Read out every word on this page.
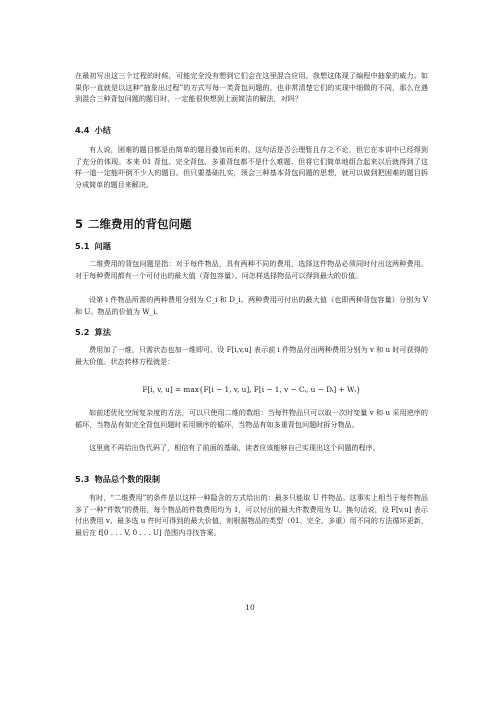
在最初写出这三个过程的时候，可能完全没有想到它们会在这里混合应用。我想这体现了编程中抽象的威力。如果你一直就是以这种“抽象出过程”的方式写每一类背包问题的，也非常清楚它们的实现中细微的不同，那么在遇到混合三种背包问题的题目时，一定能很快想到上面简洁的解法，对吗？

4.4 小结

有人说，困难的题目都是由简单的题目叠加而来的。这句话是否公理暂且存之不论，但它在本讲中已经得到了充分的体现。本来 01 背包、完全背包、多重背包都不是什么难题，但将它们简单地组合起来以后就得到了这样一道一定能吓倒不少人的题目。但只要基础扎实，领会三种基本背包问题的思想，就可以做到把困难的题目拆分成简单的题目来解决。

5 二维费用的背包问题

5.1 问题

二维费用的背包问题是指：对于每件物品，具有两种不同的费用，选择这件物品必须同时付出这两种费用。对于每种费用都有一个可付出的最大值（背包容量）。问怎样选择物品可以得到最大的价值。

设第 i 件物品所需的两种费用分别为 C_i 和 D_i。两种费用可付出的最大值（也即两种背包容量）分别为 V 和 U。物品的价值为 W_i。

5.2 算法

费用加了一维，只需状态也加一维即可。设 F[i,v,u] 表示前 i 件物品付出两种费用分别为 v 和 u 时可获得的最大价值。状态转移方程就是：

F[i, v, u] = max{F[i − 1, v, u], F[i − 1, v − Cᵢ, u − Dᵢ] + Wᵢ}

如前述优化空间复杂度的方法，可以只使用二维的数组：当每件物品只可以取一次时变量 v 和 u 采用逆序的循环，当物品有如完全背包问题时采用顺序的循环，当物品有如多重背包问题时拆分物品。

这里就不再给出伪代码了，相信有了前面的基础，读者应该能够自己实现出这个问题的程序。

5.3 物品总个数的限制

有时，“二维费用”的条件是以这样一种隐含的方式给出的：最多只能取 U 件物品。这事实上相当于每件物品多了一种“件数”的费用，每个物品的件数费用均为 1，可以付出的最大件数费用为 U。换句话说，设 F[v,u] 表示付出费用 v、最多选 u 件时可得到的最大价值，则根据物品的类型（01、完全、多重）用不同的方法循环更新，最后在 f[0 . . . V, 0 . . . U] 范围内寻找答案。

10
